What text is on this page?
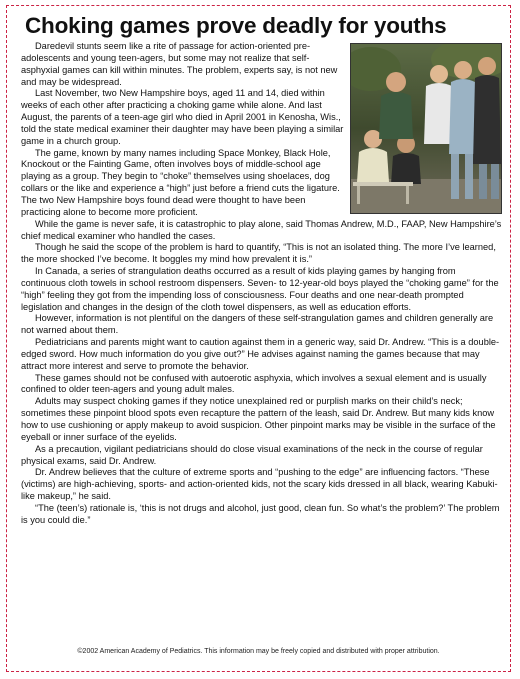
Choking games prove deadly for youths

Daredevil stunts seem like a rite of passage for action-oriented pre-adolescents and young teen-agers, but some may not realize that self-asphyxial games can kill within minutes. The problem, experts say, is not new and may be widespread.

Last November, two New Hampshire boys, aged 11 and 14, died within weeks of each other after practicing a choking game while alone. And last August, the parents of a teen-age girl who died in April 2001 in Kenosha, Wis., told the state medical examiner their daughter may have been playing a similar game in a church group.

The game, known by many names including Space Monkey, Black Hole, Knockout or the Fainting Game, often involves boys of middle-school age playing as a group. They begin to “choke” themselves using shoelaces, dog collars or the like and experience a “high” just before a friend cuts the ligature. The two New Hampshire boys found dead were thought to have been practicing alone to become more proficient.

While the game is never safe, it is catastrophic to play alone, said Thomas Andrew, M.D., FAAP, New Hampshire’s chief medical examiner who handled the cases.

Though he said the scope of the problem is hard to quantify, “This is not an isolated thing. The more I’ve learned, the more shocked I’ve become. It boggles my mind how prevalent it is.”

In Canada, a series of strangulation deaths occurred as a result of kids playing games by hanging from continuous cloth towels in school restroom dispensers. Seven- to 12-year-old boys played the “choking game” for the “high” feeling they got from the impending loss of consciousness. Four deaths and one near-death prompted legislation and changes in the design of the cloth towel dispensers, as well as education efforts.

However, information is not plentiful on the dangers of these self-strangulation games and children generally are not warned about them.

Pediatricians and parents might want to caution against them in a generic way, said Dr. Andrew. “This is a double-edged sword. How much information do you give out?” He advises against naming the games because that may attract more interest and serve to promote the behavior.

These games should not be confused with autoerotic asphyxia, which involves a sexual element and is usually confined to older teen-agers and young adult males.

Adults may suspect choking games if they notice unexplained red or purplish marks on their child’s neck; sometimes these pinpoint blood spots even recapture the pattern of the leash, said Dr. Andrew. But many kids know how to use cushioning or apply makeup to avoid suspicion. Other pinpoint marks may be visible in the surface of the eyeball or inner surface of the eyelids.

As a precaution, vigilant pediatricians should do close visual examinations of the neck in the course of regular physical exams, said Dr. Andrew.

Dr. Andrew believes that the culture of extreme sports and “pushing to the edge” are influencing factors. “These (victims) are high-achieving, sports- and action-oriented kids, not the scary kids dressed in all black, wearing Kabuki-like makeup,” he said.

“The (teen’s) rationale is, ‘this is not drugs and alcohol, just good, clean fun. So what’s the problem?’ The problem is you could die.”

©2002 American Academy of Pediatrics. This information may be freely copied and distributed with proper attribution.
